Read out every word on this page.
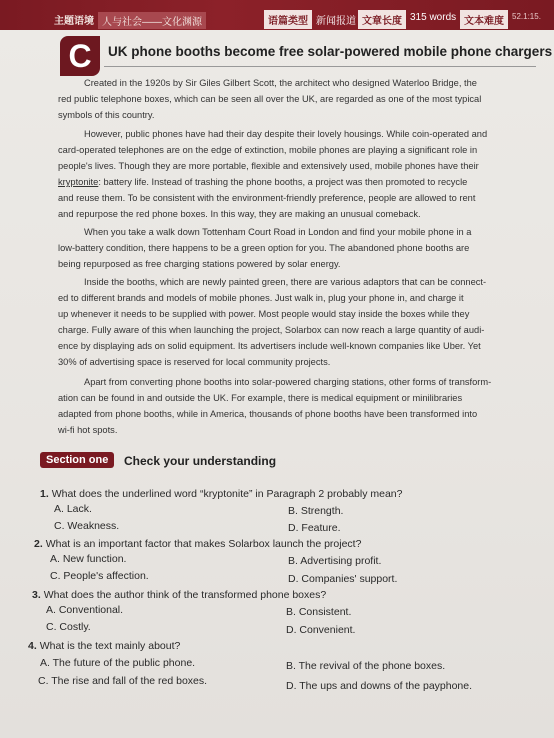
主题语境 人与社会——文化渊源	语篇类型 新闻报道 文章长度 315 words 文本难度	52.1:15.
C	UK phone booths become free solar-powered mobile phone chargers
Created in the 1920s by Sir Giles Gilbert Scott, the architect who designed Waterloo Bridge, the
red public telephone boxes, which can be seen all over the UK, are regarded as one of the most typical
symbols of this country.
However, public phones have had their day despite their lovely housings. While coin-operated and
card-operated telephones are on the edge of extinction, mobile phones are playing a significant role in
people's lives. Though they are more portable, flexible and extensively used, mobile phones have their
kryptonite: battery life. Instead of trashing the phone booths, a project was then promoted to recycle
and reuse them. To be consistent with the environment-friendly preference, people are allowed to rent
and repurpose the red phone boxes. In this way, they are making an unusual comeback.
When you take a walk down Tottenham Court Road in London and find your mobile phone in a
low-battery condition, there happens to be a green option for you. The abandoned phone booths are
being repurposed as free charging stations powered by solar energy.
Inside the booths, which are newly painted green, there are various adaptors that can be connect-
ed to different brands and models of mobile phones. Just walk in, plug your phone in, and charge it
up whenever it needs to be supplied with power. Most people would stay inside the boxes while they
charge. Fully aware of this when launching the project, Solarbox can now reach a large quantity of audi-
ence by displaying ads on solid equipment. Its advertisers include well-known companies like Uber. Yet
30% of advertising space is reserved for local community projects.
Apart from converting phone booths into solar-powered charging stations, other forms of transform-
ation can be found in and outside the UK. For example, there is medical equipment or minilibraries
adapted from phone booths, while in America, thousands of phone booths have been transformed into
wi-fi hot spots.
Section one	Check your understanding
1. What does the underlined word “kryptonite” in Paragraph 2 probably mean?
A. Lack.	B. Strength.
C. Weakness.	D. Feature.
2. What is an important factor that makes Solarbox launch the project?
A. New function.	B. Advertising profit.
C. People's affection.	D. Companies' support.
3. What does the author think of the transformed phone boxes?
A. Conventional.	B. Consistent.
C. Costly.	D. Convenient.
4. What is the text mainly about?
A. The future of the public phone.	B. The revival of the phone boxes.
C. The rise and fall of the red boxes.	D. The ups and downs of the payphone.
